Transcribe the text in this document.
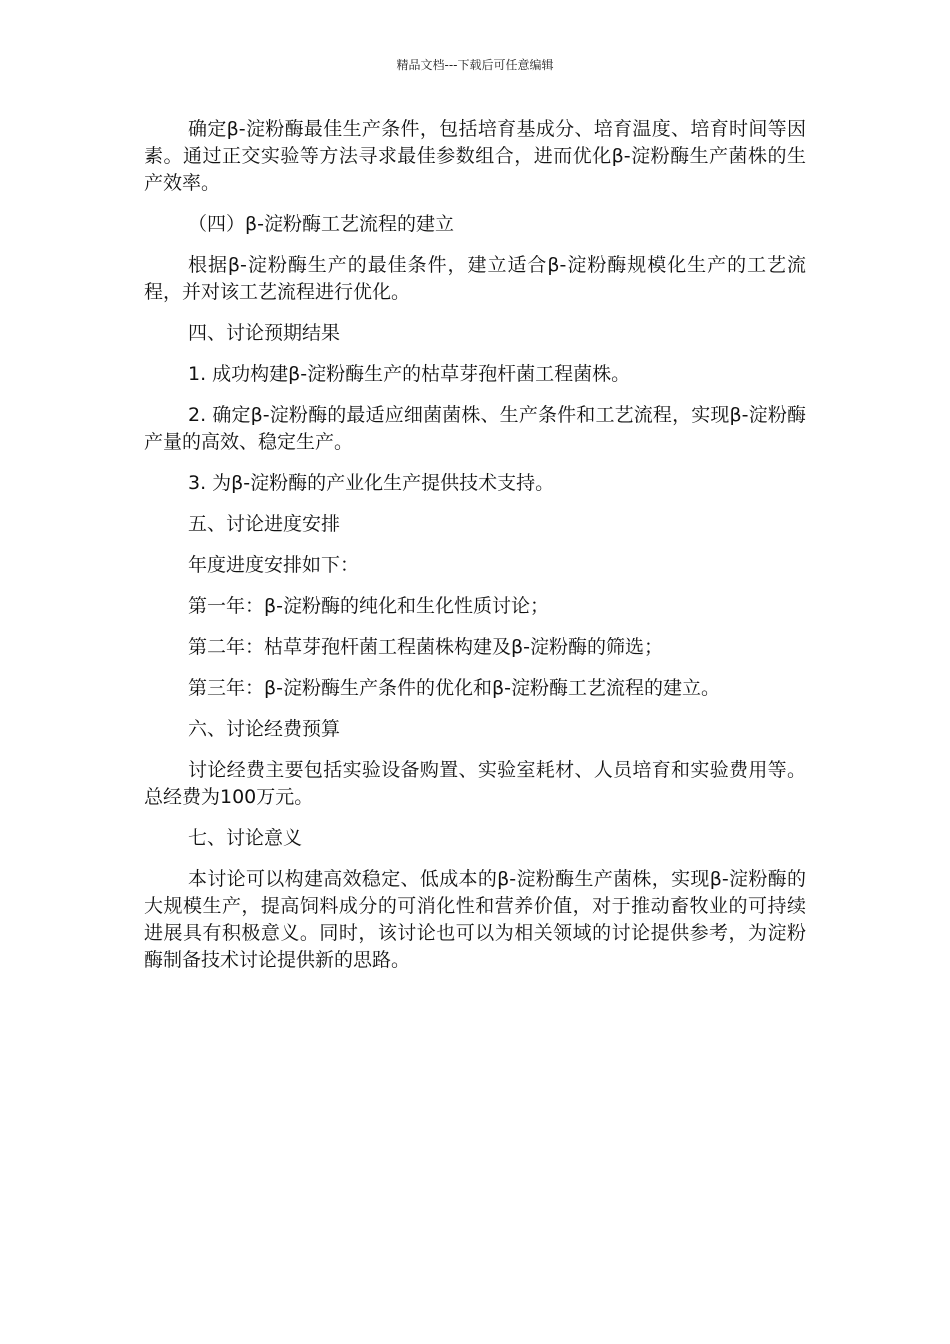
精品文档---下载后可任意编辑

确定β-淀粉酶最佳生产条件，包括培育基成分、培育温度、培育时间等因素。通过正交实验等方法寻求最佳参数组合，进而优化β-淀粉酶生产菌株的生产效率。

（四）β-淀粉酶工艺流程的建立

根据β-淀粉酶生产的最佳条件，建立适合β-淀粉酶规模化生产的工艺流程，并对该工艺流程进行优化。

四、讨论预期结果

1. 成功构建β-淀粉酶生产的枯草芽孢杆菌工程菌株。

2. 确定β-淀粉酶的最适应细菌菌株、生产条件和工艺流程，实现β-淀粉酶产量的高效、稳定生产。

3. 为β-淀粉酶的产业化生产提供技术支持。

五、讨论进度安排

年度进度安排如下：

第一年：β-淀粉酶的纯化和生化性质讨论；

第二年：枯草芽孢杆菌工程菌株构建及β-淀粉酶的筛选；

第三年：β-淀粉酶生产条件的优化和β-淀粉酶工艺流程的建立。

六、讨论经费预算

讨论经费主要包括实验设备购置、实验室耗材、人员培育和实验费用等。总经费为100万元。

七、讨论意义

本讨论可以构建高效稳定、低成本的β-淀粉酶生产菌株，实现β-淀粉酶的大规模生产，提高饲料成分的可消化性和营养价值，对于推动畜牧业的可持续进展具有积极意义。同时，该讨论也可以为相关领域的讨论提供参考，为淀粉酶制备技术讨论提供新的思路。
